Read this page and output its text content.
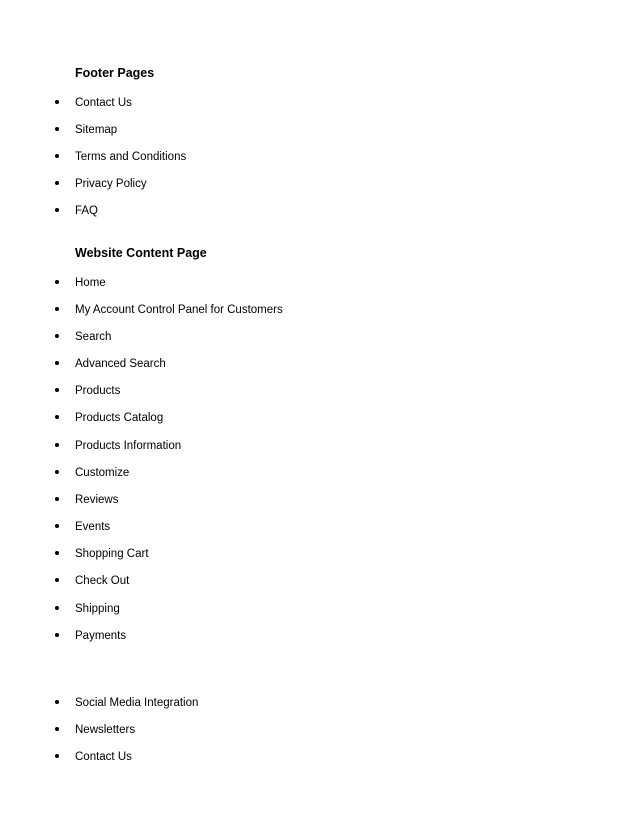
Footer Pages
Contact Us
Sitemap
Terms and Conditions
Privacy Policy
FAQ
Website Content Page
Home
My Account Control Panel for Customers
Search
Advanced Search
Products
Products Catalog
Products Information
Customize
Reviews
Events
Shopping Cart
Check Out
Shipping
Payments
Social Media Integration
Newsletters
Contact Us
